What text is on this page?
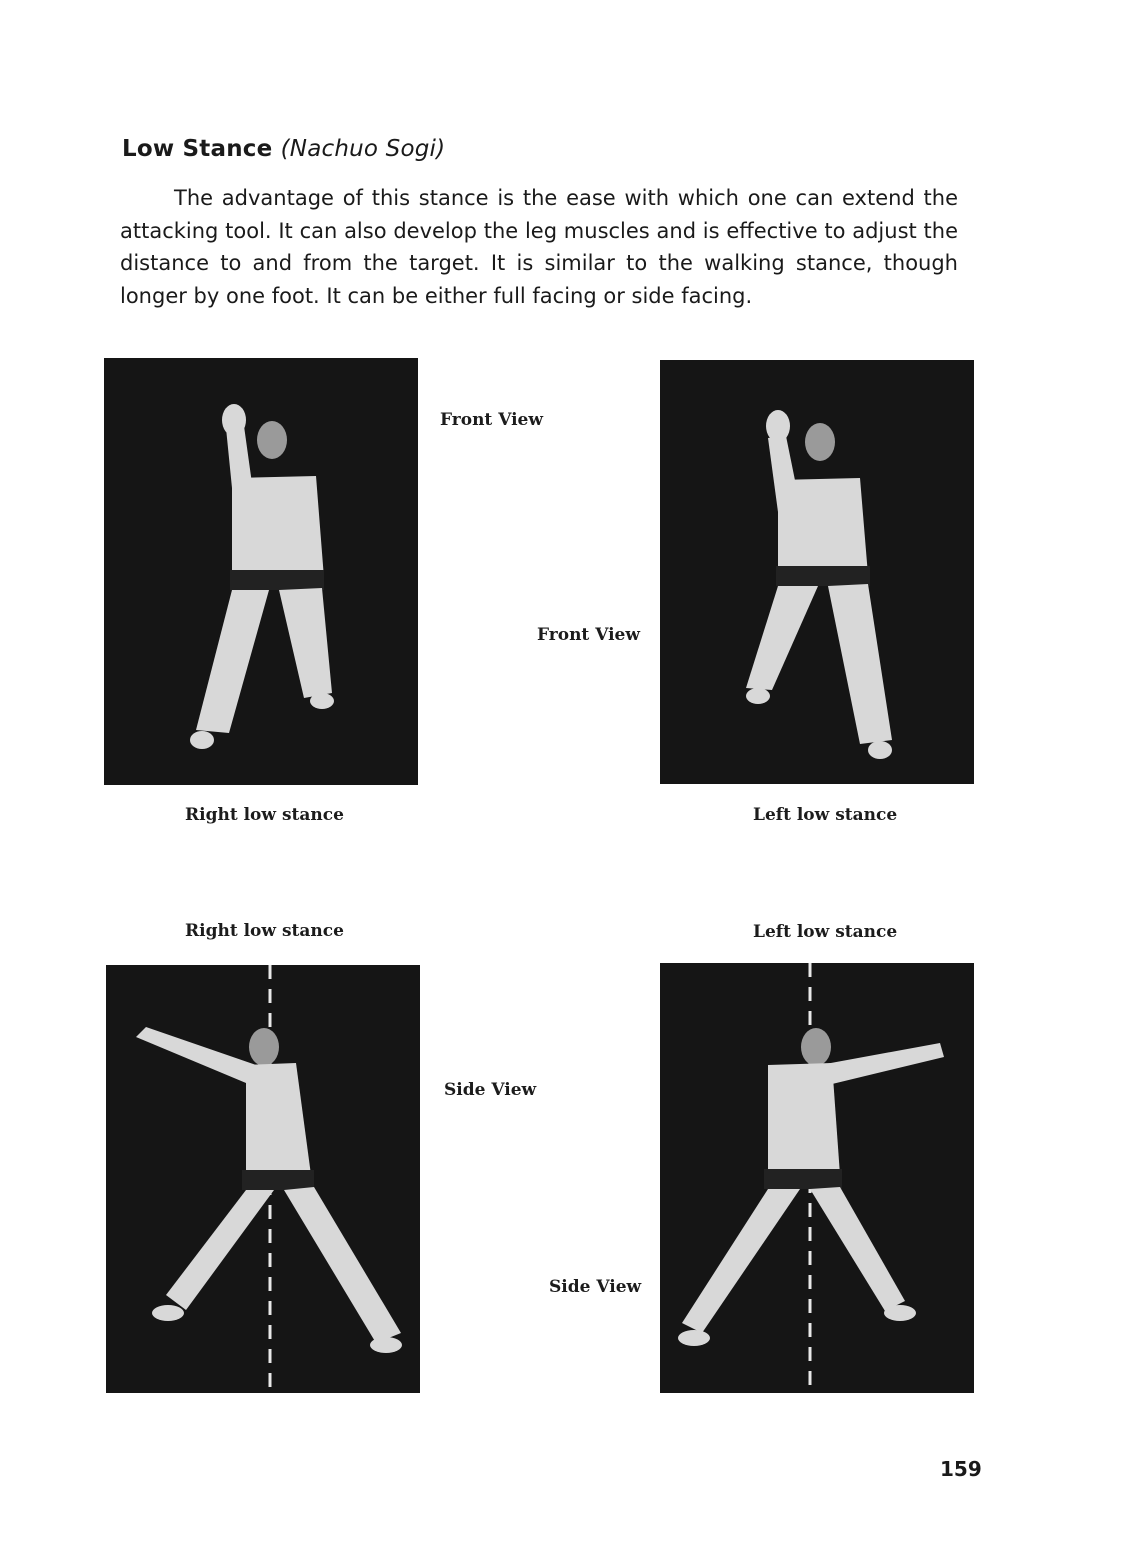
Low Stance (Nachuo Sogi)

The advantage of this stance is the ease with which one can extend the attacking tool. It can also develop the leg muscles and is effective to adjust the distance to and from the target. It is similar to the walking stance, though longer by one foot. It can be either full facing or side facing.

Front View
Front View
Right low stance	Left low stance
Right low stance	Left low stance
Side View
Side View
159
